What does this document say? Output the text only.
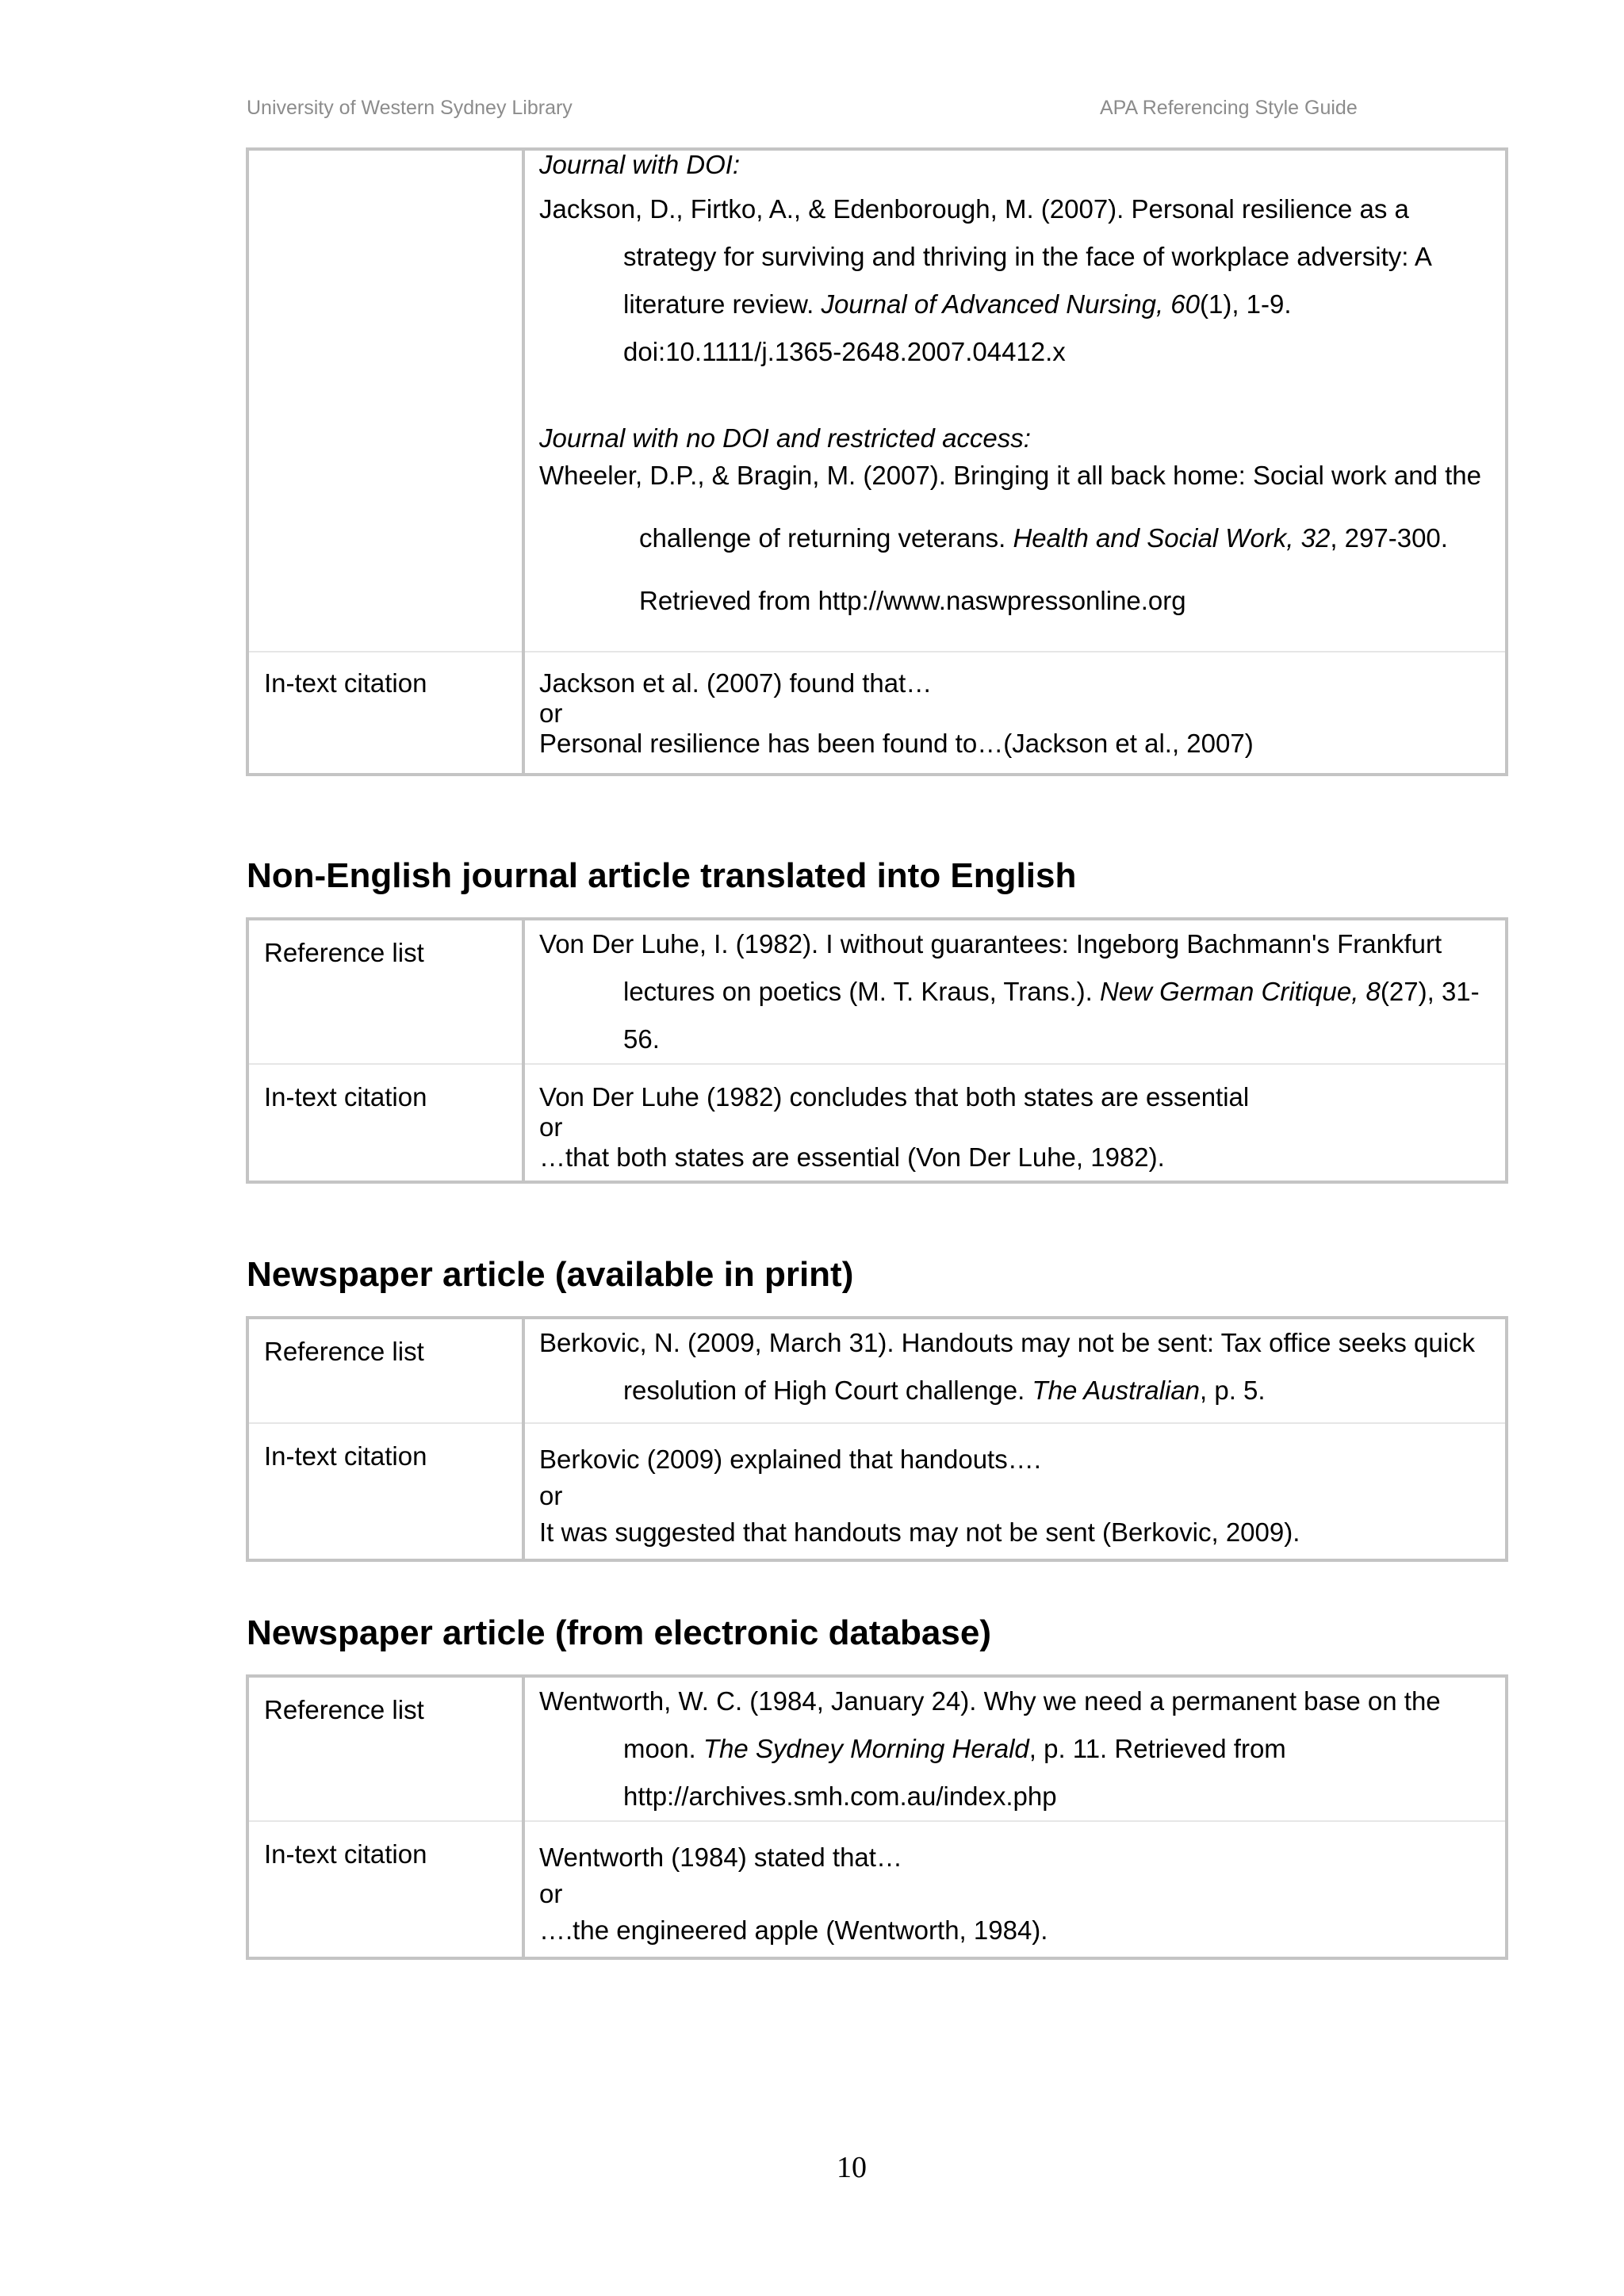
University of Western Sydney Library	APA Referencing Style Guide

	Journal with DOI:
Jackson, D., Firtko, A., & Edenborough, M. (2007). Personal resilience as a strategy for surviving and thriving in the face of workplace adversity: A literature review. Journal of Advanced Nursing, 60(1), 1-9. doi:10.1111/j.1365-2648.2007.04412.x
Journal with no DOI and restricted access:
Wheeler, D.P., & Bragin, M. (2007). Bringing it all back home: Social work and the challenge of returning veterans. Health and Social Work, 32, 297-300. Retrieved from http://www.naswpressonline.org

In-text citation	Jackson et al. (2007) found that…
or
Personal resilience has been found to…(Jackson et al., 2007)
Non-English journal article translated into English
Reference list	Von Der Luhe, I. (1982). I without guarantees: Ingeborg Bachmann's Frankfurt lectures on poetics (M. T. Kraus, Trans.). New German Critique, 8(27), 31-56.

In-text citation	Von Der Luhe (1982) concludes that both states are essential
or
…that both states are essential (Von Der Luhe, 1982).
Newspaper article (available in print)
Reference list	Berkovic, N. (2009, March 31). Handouts may not be sent: Tax office seeks quick resolution of High Court challenge. The Australian, p. 5.

In-text citation	Berkovic (2009) explained that handouts….
or
It was suggested that handouts may not be sent (Berkovic, 2009).
Newspaper article (from electronic database)
Reference list	Wentworth, W. C. (1984, January 24). Why we need a permanent base on the moon. The Sydney Morning Herald, p. 11. Retrieved from http://archives.smh.com.au/index.php

In-text citation	Wentworth (1984) stated that…
or
….the engineered apple (Wentworth, 1984).
10
